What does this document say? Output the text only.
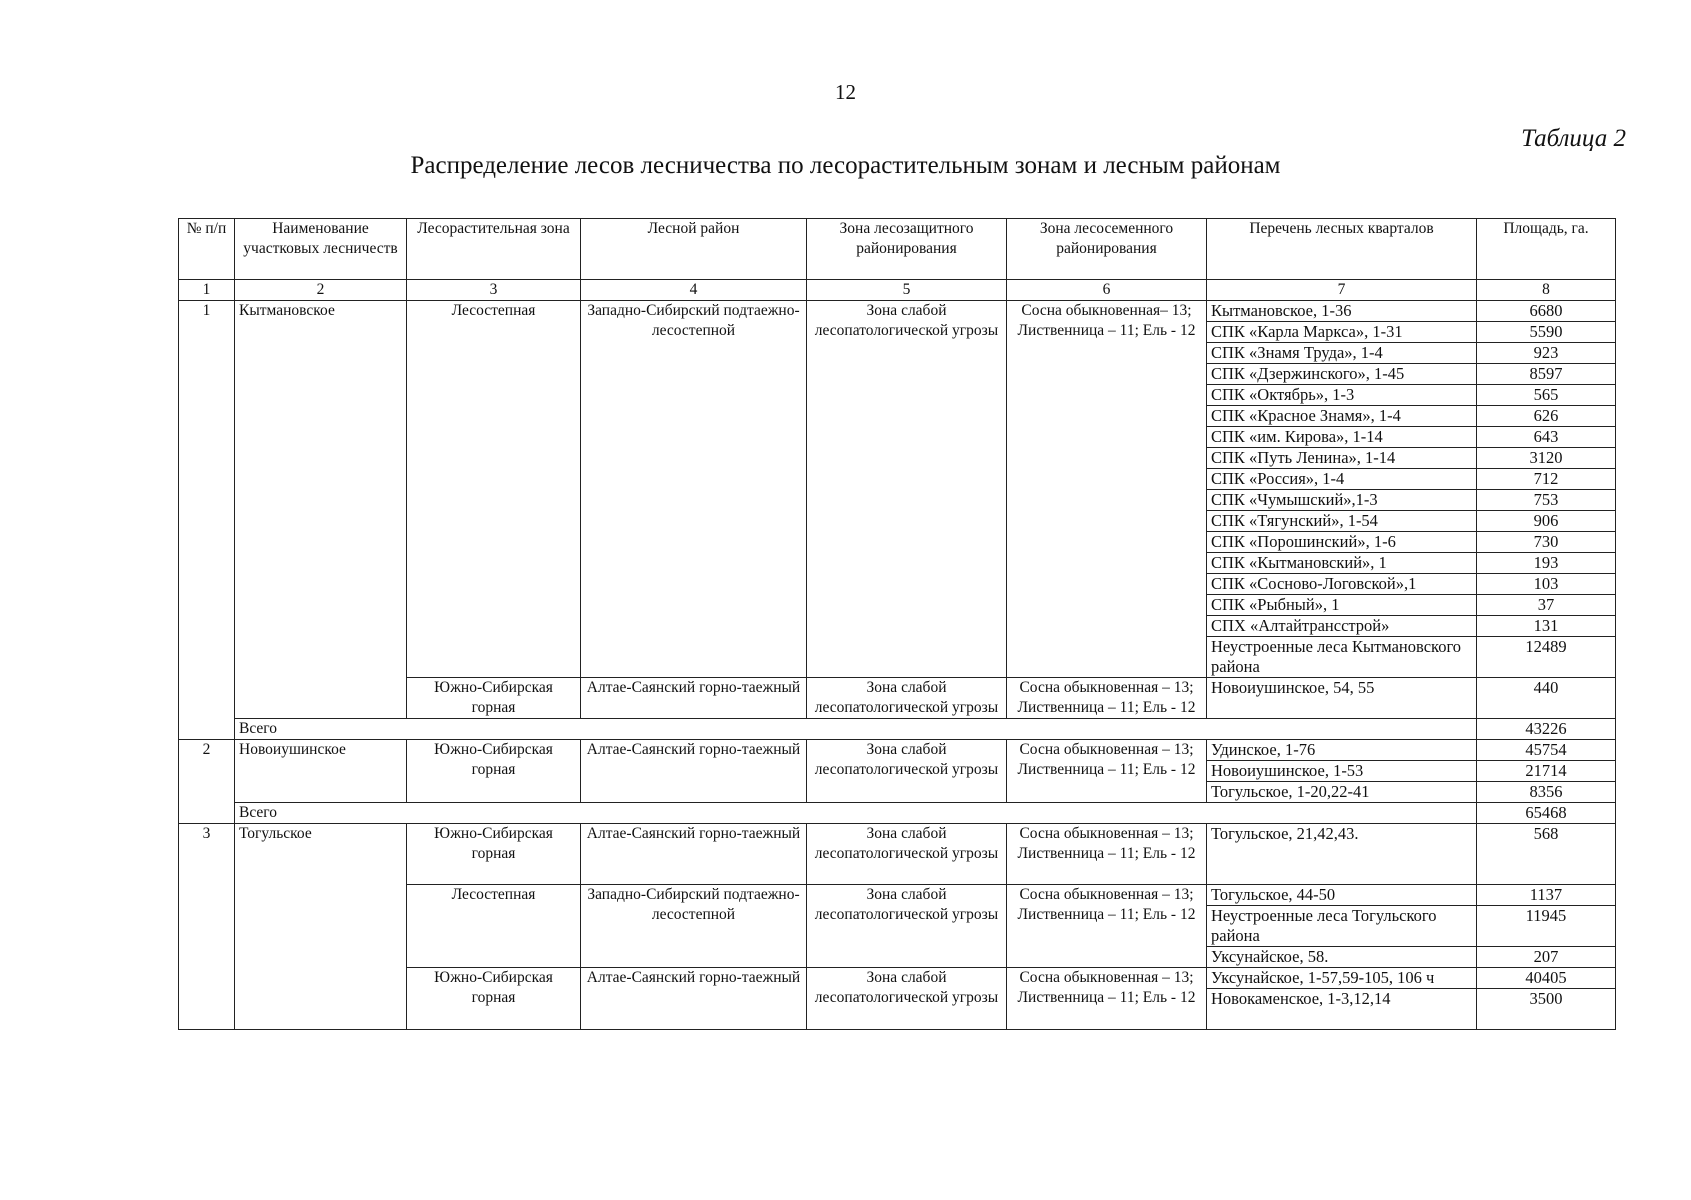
12
Таблица 2
Распределение лесов лесничества по лесорастительным зонам и лесным районам
№ п/п	Наименование участковых лесничеств	Лесорастительная зона	Лесной район	Зона лесозащитного районирования	Зона лесосеменного районирования	Перечень лесных кварталов	Площадь, га.
1	2	3	4	5	6	7	8
1	Кытмановское	Лесостепная	Западно-Сибирский подтаежно-лесостепной	Зона слабой лесопатологической угрозы	Сосна обыкновенная– 13; Лиственница – 11; Ель - 12	Кытмановское, 1-36	6680
						СПК «Карла Маркса», 1-31	5590
						СПК «Знамя Труда», 1-4	923
						СПК «Дзержинского», 1-45	8597
						СПК «Октябрь», 1-3	565
						СПК «Красное Знамя», 1-4	626
						СПК «им. Кирова», 1-14	643
						СПК «Путь Ленина», 1-14	3120
						СПК «Россия», 1-4	712
						СПК «Чумышский»,1-3	753
						СПК «Тягунский», 1-54	906
						СПК «Порошинский», 1-6	730
						СПК «Кытмановский», 1	193
						СПК «Сосново-Логовской»,1	103
						СПК «Рыбный», 1	37
						СПХ «Алтайтрансстрой»	131
						Неустроенные леса Кытмановского района	12489
		Южно-Сибирская горная	Алтае-Саянский горно-таежный	Зона слабой лесопатологической угрозы	Сосна обыкновенная – 13; Лиственница – 11; Ель - 12	Новоиушинское, 54, 55	440
	Всего						43226
2	Новоиушинское	Южно-Сибирская горная	Алтае-Саянский горно-таежный	Зона слабой лесопатологической угрозы	Сосна обыкновенная – 13; Лиственница – 11; Ель - 12	Удинское, 1-76	45754
						Новоиушинское, 1-53	21714
						Тогульское, 1-20,22-41	8356
	Всего						65468
3	Тогульское	Южно-Сибирская горная	Алтае-Саянский горно-таежный	Зона слабой лесопатологической угрозы	Сосна обыкновенная – 13; Лиственница – 11; Ель - 12	Тогульское, 21,42,43.	568
		Лесостепная	Западно-Сибирский подтаежно-лесостепной	Зона слабой лесопатологической угрозы	Сосна обыкновенная – 13; Лиственница – 11; Ель - 12	Тогульское, 44-50	1137
						Неустроенные леса Тогульского района	11945
						Уксунайское, 58.	207
		Южно-Сибирская горная	Алтае-Саянский горно-таежный	Зона слабой лесопатологической угрозы	Сосна обыкновенная – 13; Лиственница – 11; Ель - 12	Уксунайское, 1-57,59-105, 106 ч	40405
						Новокаменское, 1-3,12,14	3500
